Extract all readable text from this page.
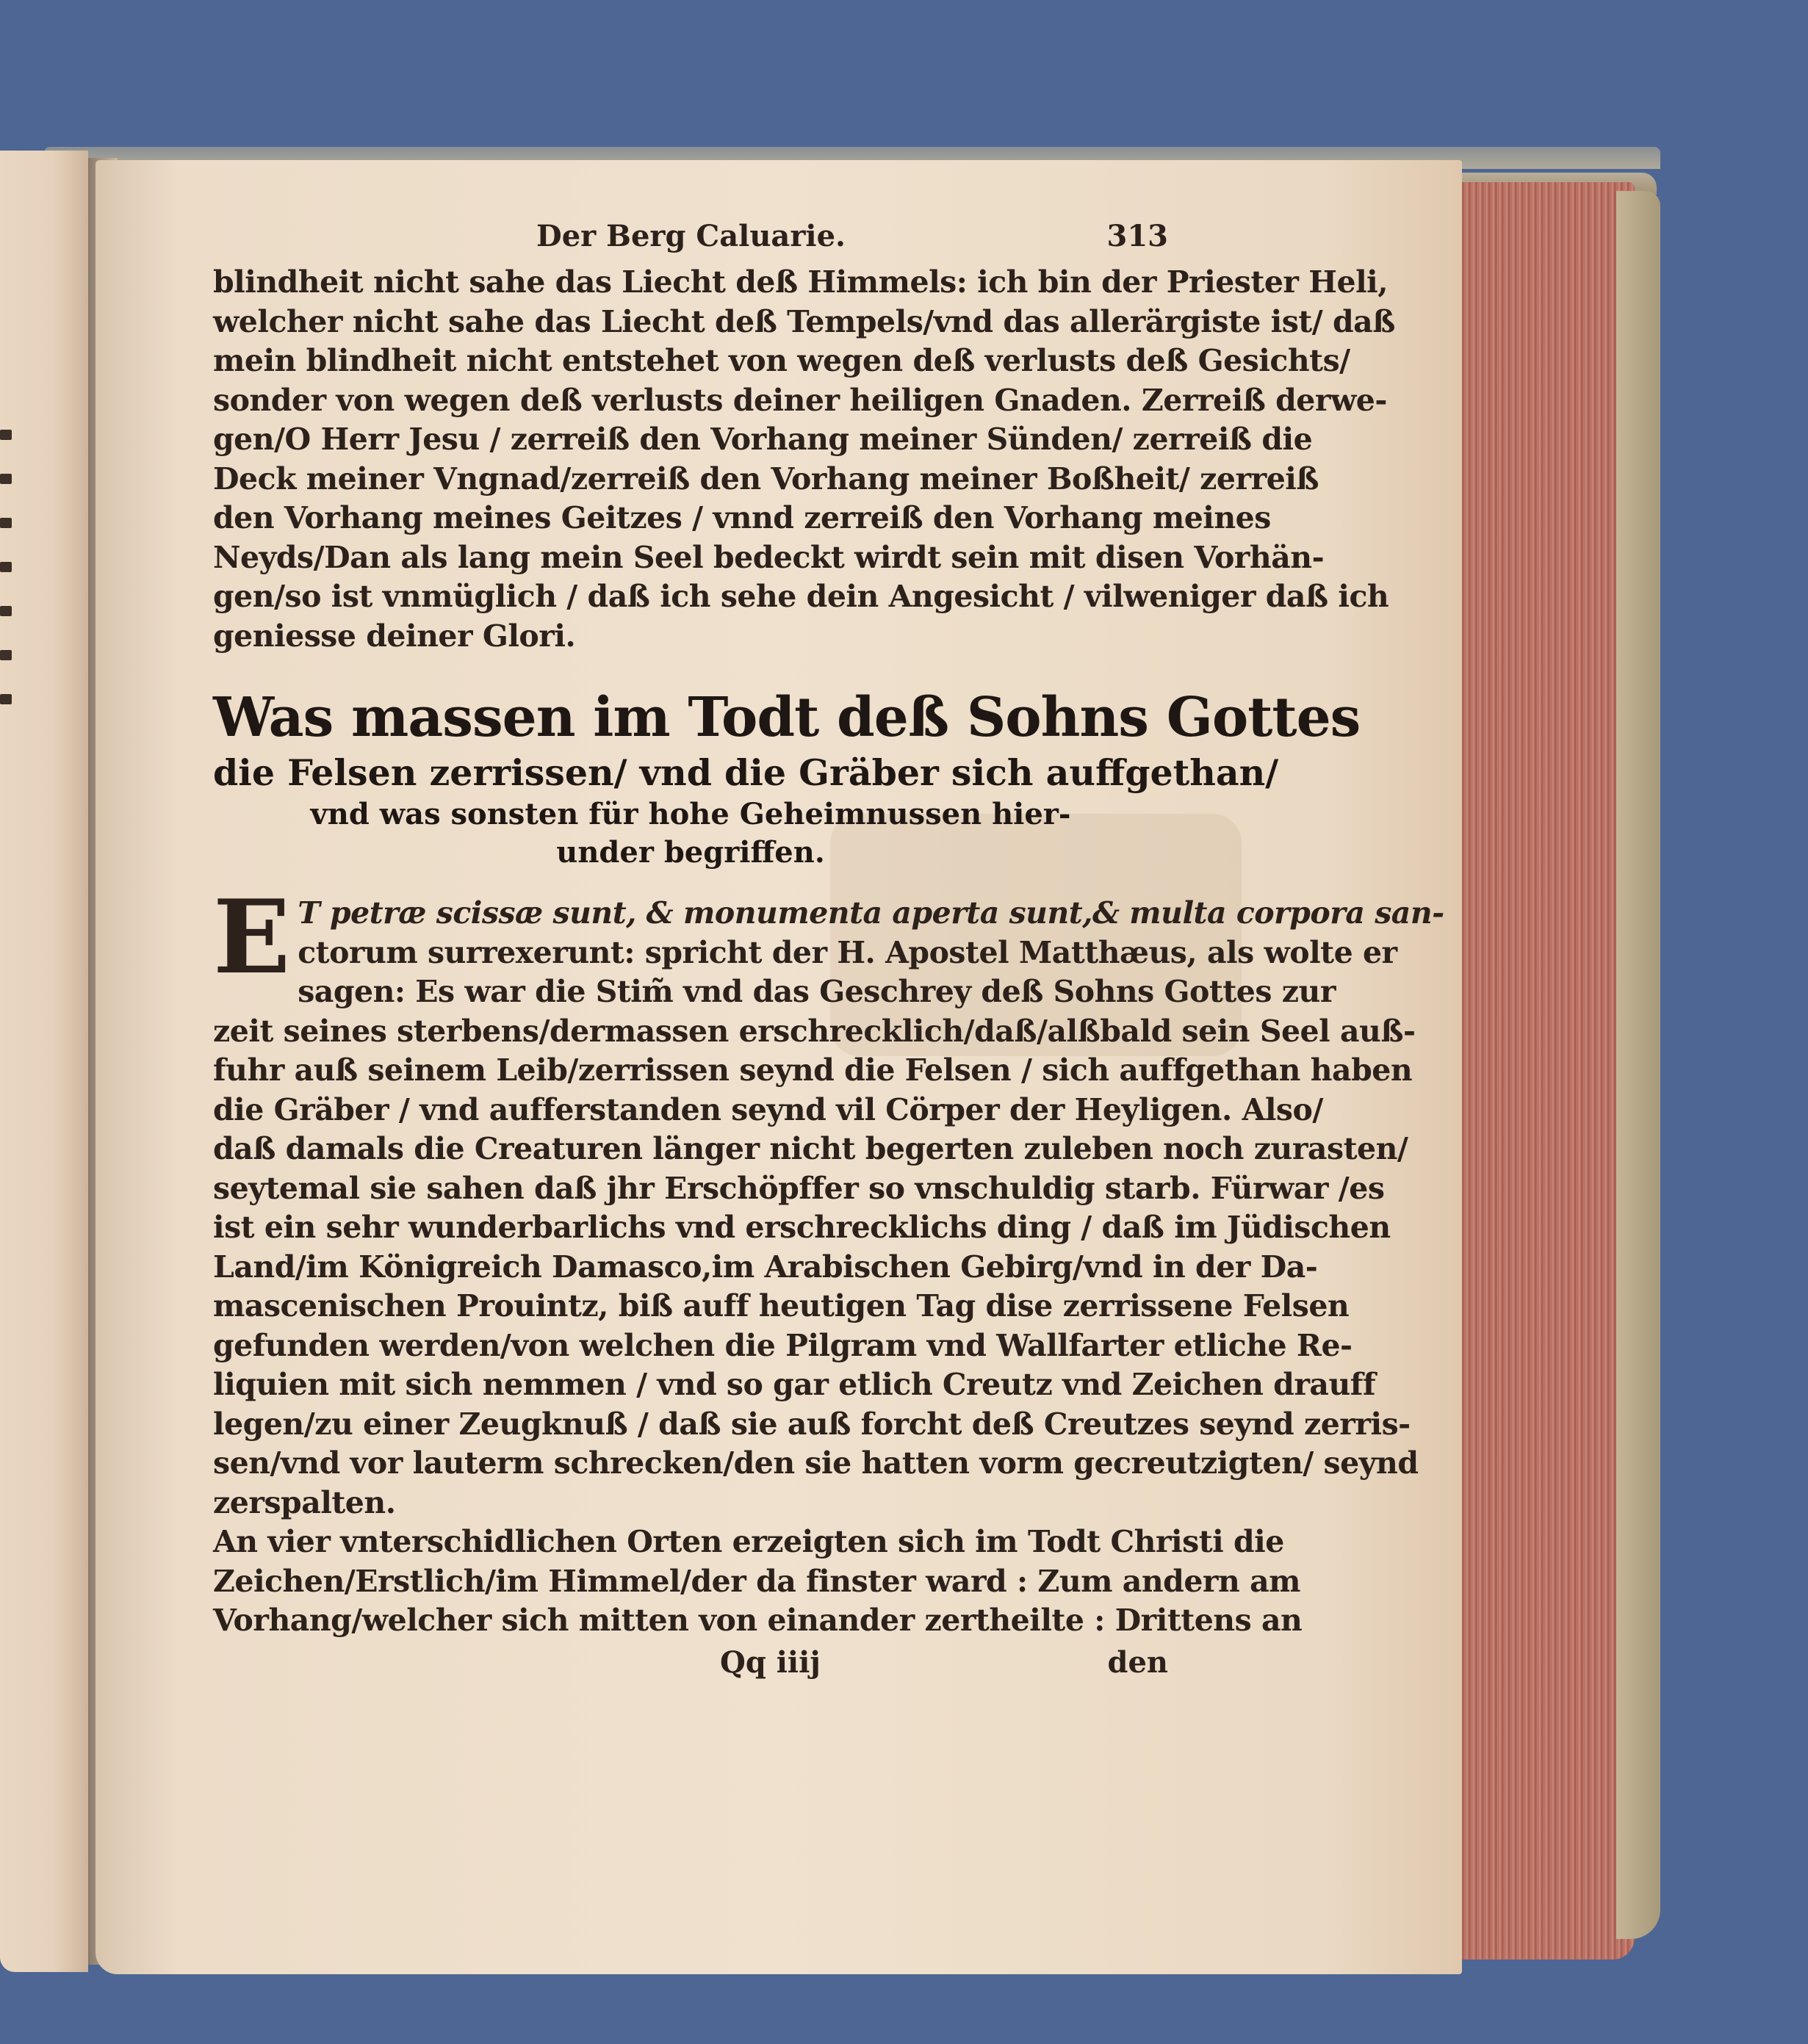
Der Berg Caluarie.	313
blindheit nicht sahe das Liecht deß Himmels: ich bin der Priester Heli,
welcher nicht sahe das Liecht deß Tempels/vnd das allerärgiste ist/ daß
mein blindheit nicht entstehet von wegen deß verlusts deß Gesichts/
sonder von wegen deß verlusts deiner heiligen Gnaden. Zerreiß derwe-
gen/O Herr Jesu / zerreiß den Vorhang meiner Sünden/ zerreiß die
Deck meiner Vngnad/zerreiß den Vorhang meiner Boßheit/ zerreiß
den Vorhang meines Geitzes / vnnd zerreiß den Vorhang meines
Neyds/Dan als lang mein Seel bedeckt wirdt sein mit disen Vorhän-
gen/so ist vnmüglich / daß ich sehe dein Angesicht / vilweniger daß ich
geniesse deiner Glori.
Was massen im Todt deß Sohns Gottes
die Felsen zerrissen/ vnd die Gräber sich auffgethan/
vnd was sonsten für hohe Geheimnussen hier-
under begriffen.
E T petræ scissæ sunt, & monumenta aperta sunt,& multa corpora san-
ctorum surrexerunt: spricht der H. Apostel Matthæus, als wolte er
sagen: Es war die Stim̃ vnd das Geschrey deß Sohns Gottes zur
zeit seines sterbens/dermassen erschrecklich/daß/alßbald sein Seel auß-
fuhr auß seinem Leib/zerrissen seynd die Felsen / sich auffgethan haben
die Gräber / vnd aufferstanden seynd vil Cörper der Heyligen. Also/
daß damals die Creaturen länger nicht begerten zuleben noch zurasten/
seytemal sie sahen daß jhr Erschöpffer so vnschuldig starb. Fürwar /es
ist ein sehr wunderbarlichs vnd erschrecklichs ding / daß im Jüdischen
Land/im Königreich Damasco,im Arabischen Gebirg/vnd in der Da-
mascenischen Prouintz, biß auff heutigen Tag dise zerrissene Felsen
gefunden werden/von welchen die Pilgram vnd Wallfarter etliche Re-
liquien mit sich nemmen / vnd so gar etlich Creutz vnd Zeichen drauff
legen/zu einer Zeugknuß / daß sie auß forcht deß Creutzes seynd zerris-
sen/vnd vor lauterm schrecken/den sie hatten vorm gecreutzigten/ seynd
zerspalten.
An vier vnterschidlichen Orten erzeigten sich im Todt Christi die
Zeichen/Erstlich/im Himmel/der da finster ward : Zum andern am
Vorhang/welcher sich mitten von einander zertheilte : Drittens an
Qq iiij	den
